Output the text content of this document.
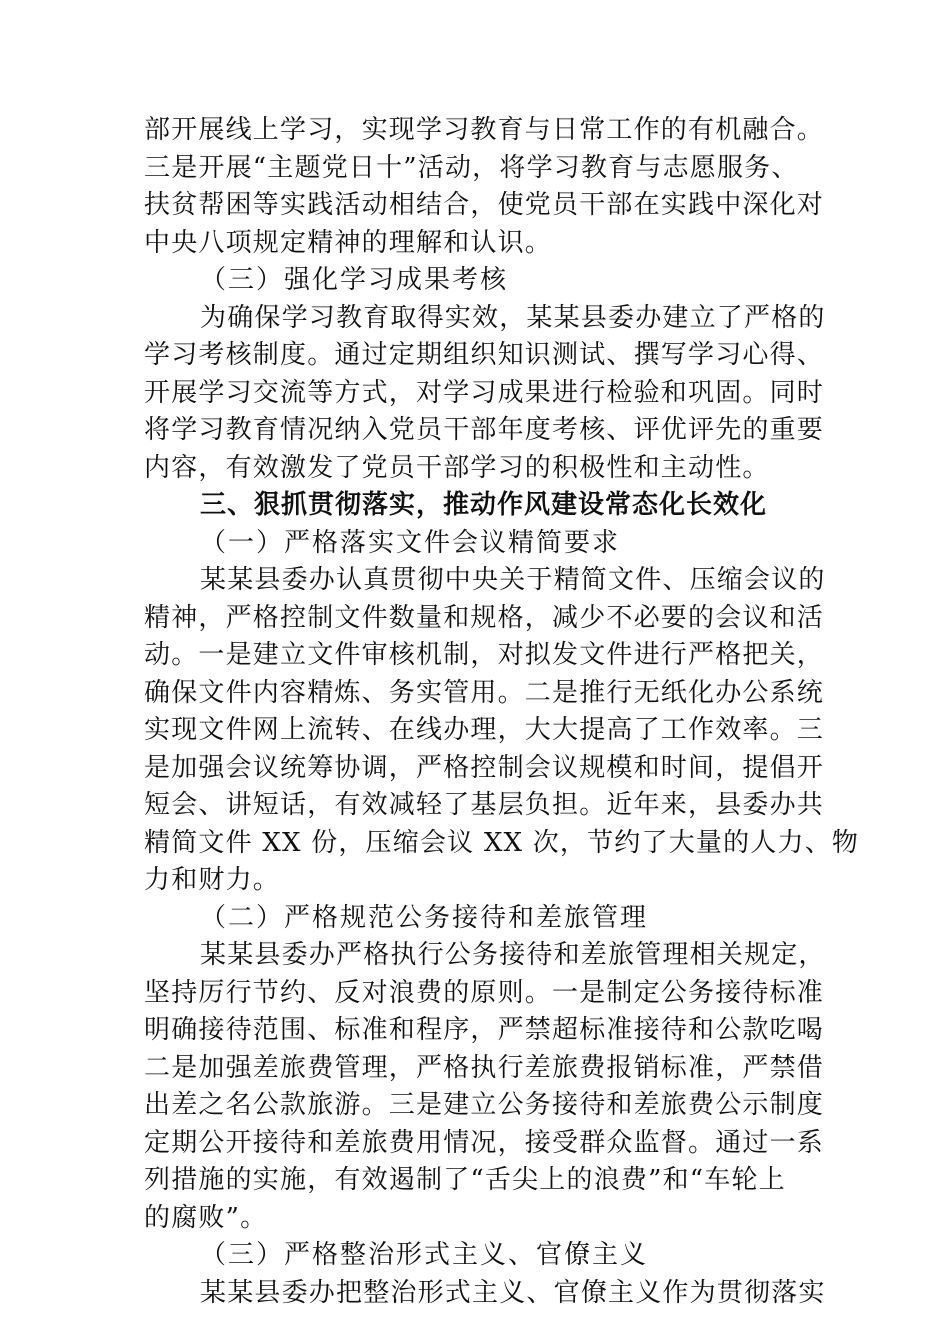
部开展线上学习，实现学习教育与日常工作的有机融合。
三是开展“主题党日十”活动，将学习教育与志愿服务、
扶贫帮困等实践活动相结合，使党员干部在实践中深化对
中央八项规定精神的理解和认识。
（三）强化学习成果考核
为确保学习教育取得实效，某某县委办建立了严格的
学习考核制度。通过定期组织知识测试、撰写学习心得、
开展学习交流等方式，对学习成果进行检验和巩固。同时
将学习教育情况纳入党员干部年度考核、评优评先的重要
内容，有效激发了党员干部学习的积极性和主动性。
三、狠抓贯彻落实，推动作风建设常态化长效化
（一）严格落实文件会议精简要求
某某县委办认真贯彻中央关于精简文件、压缩会议的
精神，严格控制文件数量和规格，减少不必要的会议和活
动。一是建立文件审核机制，对拟发文件进行严格把关，
确保文件内容精炼、务实管用。二是推行无纸化办公系统
实现文件网上流转、在线办理，大大提高了工作效率。三
是加强会议统筹协调，严格控制会议规模和时间，提倡开
短会、讲短话，有效减轻了基层负担。近年来，县委办共
精简文件 XX 份，压缩会议 XX 次，节约了大量的人力、物
力和财力。
（二）严格规范公务接待和差旅管理
某某县委办严格执行公务接待和差旅管理相关规定，
坚持厉行节约、反对浪费的原则。一是制定公务接待标准
明确接待范围、标准和程序，严禁超标准接待和公款吃喝
二是加强差旅费管理，严格执行差旅费报销标准，严禁借
出差之名公款旅游。三是建立公务接待和差旅费公示制度
定期公开接待和差旅费用情况，接受群众监督。通过一系
列措施的实施，有效遏制了“舌尖上的浪费”和“车轮上
的腐败”。
（三）严格整治形式主义、官僚主义
某某县委办把整治形式主义、官僚主义作为贯彻落实
